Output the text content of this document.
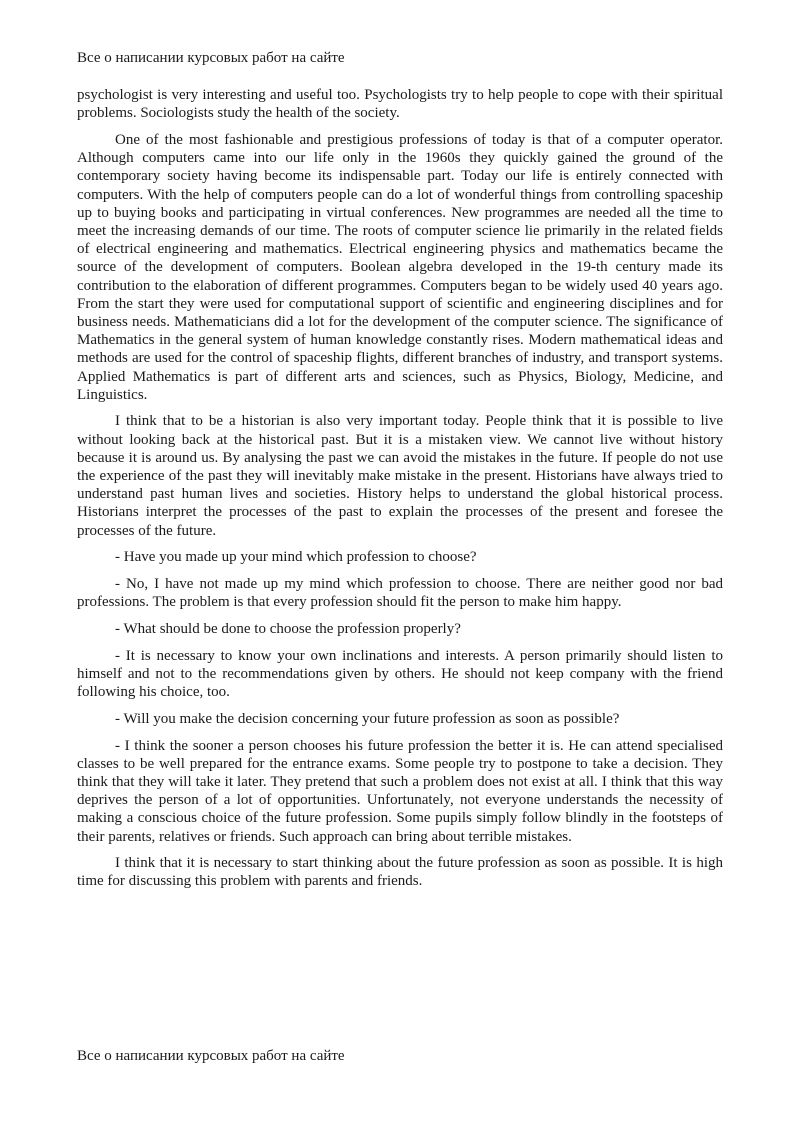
Все о написании курсовых работ на сайте

psychologist is very interesting and useful too. Psychologists try to help people to cope with their spiritual problems. Sociologists study the health of the society.

One of the most fashionable and prestigious professions of today is that of a computer operator. Although computers came into our life only in the 1960s they quickly gained the ground of the contemporary society having become its indispensable part. Today our life is entirely connected with computers. With the help of computers people can do a lot of wonderful things from controlling spaceship up to buying books and participating in virtual conferences. New programmes are needed all the time to meet the increasing demands of our time. The roots of computer science lie primarily in the related fields of electrical engineering and mathematics. Electrical engineering physics and mathematics became the source of the development of computers. Boolean algebra developed in the 19-th century made its contribution to the elaboration of different programmes. Computers began to be widely used 40 years ago. From the start they were used for computational support of scientific and engineering disciplines and for business needs. Mathematicians did a lot for the development of the computer science. The significance of Mathematics in the general system of human knowledge constantly rises. Modern mathematical ideas and methods are used for the control of spaceship flights, different branches of industry, and transport systems. Applied Mathematics is part of different arts and sciences, such as Physics, Biology, Medicine, and Linguistics.

I think that to be a historian is also very important today. People think that it is possible to live without looking back at the historical past. But it is a mistaken view. We cannot live without history because it is around us. By analysing the past we can avoid the mistakes in the future. If people do not use the experience of the past they will inevitably make mistake in the present. Historians have always tried to understand past human lives and societies. History helps to understand the global historical process. Historians interpret the processes of the past to explain the processes of the present and foresee the processes of the future.

- Have you made up your mind which profession to choose?

- No, I have not made up my mind which profession to choose. There are neither good nor bad professions. The problem is that every profession should fit the person to make him happy.

- What should be done to choose the profession properly?

- It is necessary to know your own inclinations and interests. A person primarily should listen to himself and not to the recommendations given by others. He should not keep company with the friend following his choice, too.

- Will you make the decision concerning your future profession as soon as possible?

- I think the sooner a person chooses his future profession the better it is. He can attend specialised classes to be well prepared for the entrance exams. Some people try to postpone to take a decision. They think that they will take it later. They pretend that such a problem does not exist at all. I think that this way deprives the person of a lot of opportunities. Unfortunately, not everyone understands the necessity of making a conscious choice of the future profession. Some pupils simply follow blindly in the footsteps of their parents, relatives or friends. Such approach can bring about terrible mistakes.

I think that it is necessary to start thinking about the future profession as soon as possible. It is high time for discussing this problem with parents and friends.

Все о написании курсовых работ на сайте
